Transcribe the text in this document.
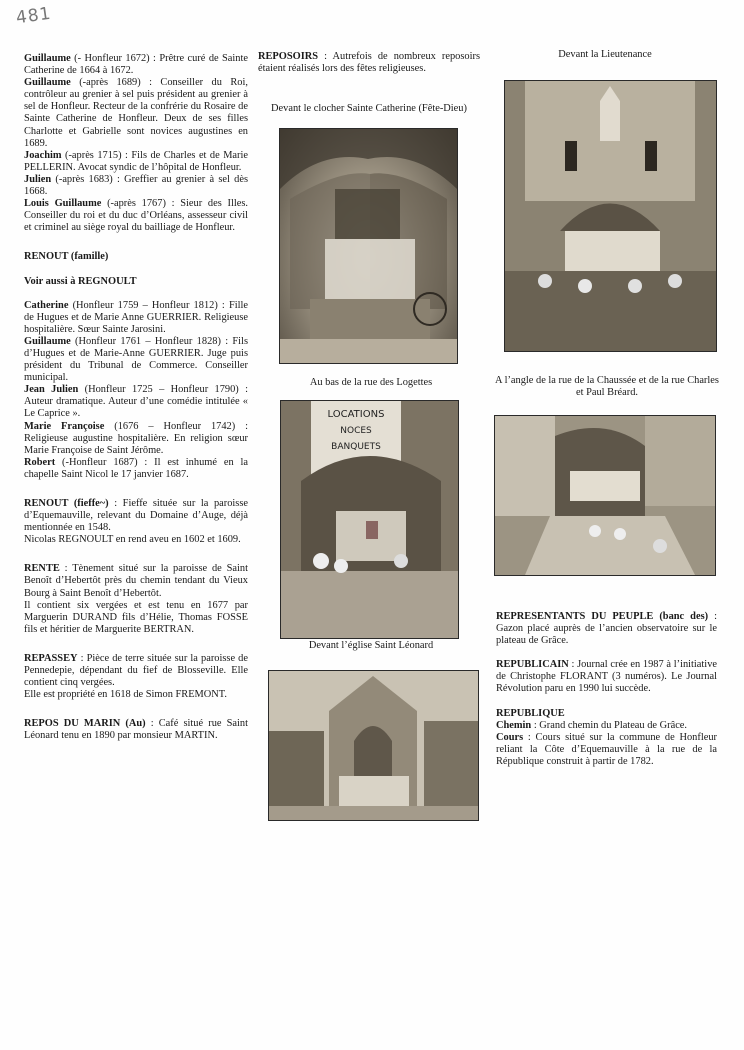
481

Guillaume (- Honfleur 1672) : Prêtre curé de Sainte Catherine de 1664 à 1672.

Guillaume (-après 1689) : Conseiller du Roi, contrôleur au grenier à sel puis président au grenier à sel de Honfleur. Recteur de la confrérie du Rosaire de Sainte Catherine de Honfleur. Deux de ses filles Charlotte et Gabrielle sont novices augustines en 1689.

Joachim (-après 1715) : Fils de Charles et de Marie PELLERIN. Avocat syndic de l’hôpital de Honfleur.

Julien (-après 1683) : Greffier au grenier à sel dès 1668.

Louis Guillaume (-après 1767) : Sieur des Illes. Conseiller du roi et du duc d’Orléans, assesseur civil et criminel au siège royal du bailliage de Honfleur.

RENOUT (famille)

Voir aussi à REGNOULT

Catherine (Honfleur 1759 – Honfleur 1812) : Fille de Hugues et de Marie Anne GUERRIER. Religieuse hospitalière. Sœur Sainte Jarosini.

Guillaume (Honfleur 1761 – Honfleur 1828) : Fils d’Hugues et de Marie-Anne GUERRIER. Juge puis président du Tribunal de Commerce. Conseiller municipal.

Jean Julien (Honfleur 1725 – Honfleur 1790) : Auteur dramatique. Auteur d’une comédie intitulée « Le Caprice ».

Marie Françoise (1676 – Honfleur 1742) : Religieuse augustine hospitalière. En religion sœur Marie Françoise de Saint Jérôme.

Robert (-Honfleur 1687) : Il est inhumé en la chapelle Saint Nicol le 17 janvier 1687.

RENOUT (fieffe~) : Fieffe située sur la paroisse d’Equemauville, relevant du Domaine d’Auge, déjà mentionnée en 1548.

Nicolas REGNOULT en rend aveu en 1602 et 1609.

RENTE : Tènement situé sur la paroisse de Saint Benoît d’Hebertôt près du chemin tendant du Vieux Bourg à Saint Benoît d’Hebertôt.

Il contient six vergées et est tenu en 1677 par Marguerin DURAND fils d’Hélie, Thomas FOSSE fils et héritier de Marguerite BERTRAN.

REPASSEY : Pièce de terre située sur la paroisse de Pennedepie, dépendant du fief de Blosseville. Elle contient cinq vergées.

Elle est propriété en 1618 de Simon FREMONT.

REPOS DU MARIN (Au) : Café situé rue Saint Léonard tenu en 1890 par monsieur MARTIN.

REPOSOIRS : Autrefois de nombreux reposoirs étaient réalisés lors des fêtes religieuses.

Devant le clocher Sainte Catherine (Fête-Dieu)
Au bas de la rue des Logettes
LOCATIONS
NOCES
BANQUETS
Devant l’église Saint Léonard
Devant la Lieutenance
A l’angle de la rue de la Chaussée et de la rue Charles et Paul Bréard.

REPRESENTANTS DU PEUPLE (banc des) : Gazon placé auprès de l’ancien observatoire sur le plateau de Grâce.

REPUBLICAIN : Journal crée en 1987 à l’initiative de Christophe FLORANT (3 numéros). Le Journal Révolution paru en 1990 lui succède.

REPUBLIQUE

Chemin : Grand chemin du Plateau de Grâce.

Cours : Cours situé sur la commune de Honfleur reliant la Côte d’Equemauville à la rue de la République construit à partir de 1782.
